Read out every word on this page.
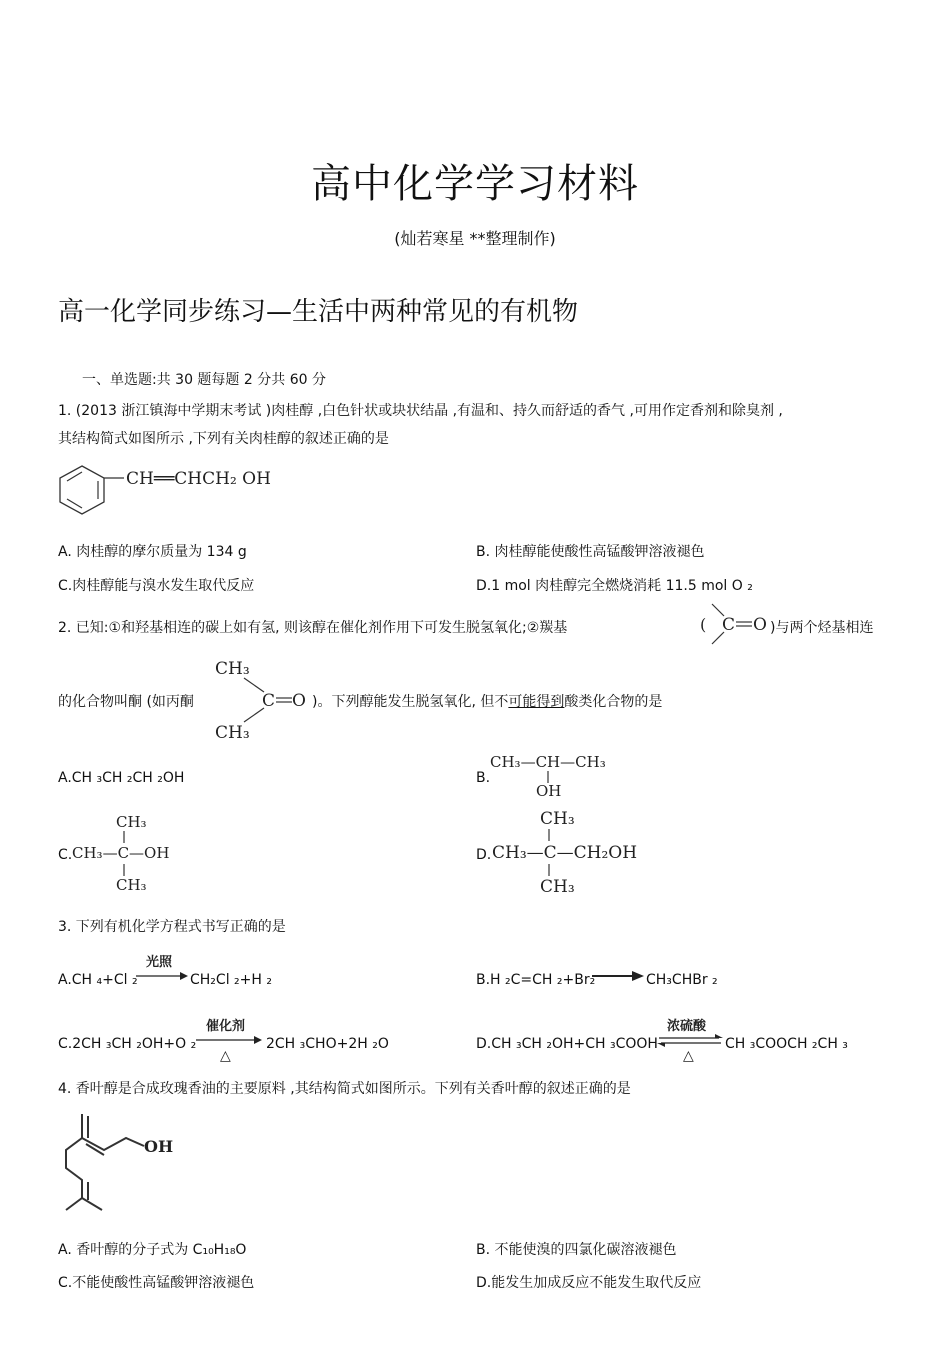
高中化学学习材料
(灿若寒星 **整理制作)
高一化学同步练习—生活中两种常见的有机物
一、单选题:共 30 题每题 2 分共 60 分
1. (2013 浙江镇海中学期末考试 )肉桂醇 ,白色针状或块状结晶 ,有温和、持久而舒适的香气 ,可用作定香剂和除臭剂 ,
其结构简式如图所示 ,下列有关肉桂醇的叙述正确的是
CH══CHCH₂ OH
A. 肉桂醇的摩尔质量为 134 g	B. 肉桂醇能使酸性高锰酸钾溶液褪色
C.肉桂醇能与溴水发生取代反应	D.1 mol 肉桂醇完全燃烧消耗 11.5 mol O ₂
2. 已知:①和羟基相连的碳上如有氢, 则该醇在催化剂作用下可发生脱氢氧化;②羰基	( C O )与两个烃基相连
的化合物叫酮 (如丙酮
CH₃
CH₃
C O )。下列醇能发生脱氢氧化, 但不可能得到酸类化合物的是
A.CH ₃CH ₂CH ₂OH	B.
CH₃—CH—CH₃
OH
C.
CH₃
CH₃—C—OH
CH₃
D.
CH₃
CH₃—C—CH₂OH
CH₃
3. 下列有机化学方程式书写正确的是
A.CH ₄+Cl ₂
光照
CH₂Cl ₂+H ₂	B.H ₂C=CH ₂+Br₂	CH₃CHBr ₂
C.2CH ₃CH ₂OH+O ₂
催化剂
△
2CH ₃CHO+2H ₂O	D.CH ₃CH ₂OH+CH ₃COOH
浓硫酸
△
CH ₃COOCH ₂CH ₃
4. 香叶醇是合成玫瑰香油的主要原料 ,其结构简式如图所示。下列有关香叶醇的叙述正确的是
OH
A. 香叶醇的分子式为 C₁₀H₁₈O	B. 不能使溴的四氯化碳溶液褪色
C.不能使酸性高锰酸钾溶液褪色	D.能发生加成反应不能发生取代反应
